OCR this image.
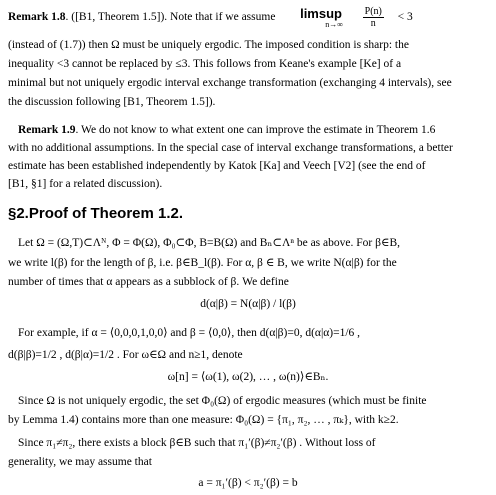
Remark 1.8. ([B1, Theorem 1.5]). Note that if we assume limsup
n→∞
$\frac{P(n)}{n} < 3$
(instead of (1.7)) then Ω must be uniquely ergodic. The imposed condition is sharp: the
inequality <3 cannot be replaced by ≤3. This follows from Keane's example [Ke] of a
minimal but not uniquely ergodic interval exchange transformation (exchanging 4 intervals), see
the discussion following [B1, Theorem 1.5]).
Remark 1.9. We do not know to what extent one can improve the estimate in Theorem 1.6
with no additional assumptions. In the special case of interval exchange transformations, a better
estimate has been established independently by Katok [Ka] and Veech [V2] (see the end of
[B1, §1] for a related discussion).
§2.Proof of Theorem 1.2.
Let Ω = (Ω,T)⊂Λᴺ, Φ = Φ(Ω), Φ₀⊂Φ, B=B(Ω) and Bₙ⊂Λⁿ be as above. For β∈B,
we write l(β) for the length of β, i.e. β∈B_l(β). For α, β ∈ B, we write N(α|β) for the
number of times that α appears as a subblock of β. We define
d(α|β) = N(α|β) / l(β)
For example, if α = ⟨0,0,0,1,0,0⟩ and β = ⟨0,0⟩, then d(α|β)=0, d(α|α)=1/6 ,
d(β|β)=1/2 , d(β|α)=1/2 . For ω∈Ω and n≥1, denote
ω[n] = ⟨ω(1), ω(2), … , ω(n)⟩∈Bₙ.
Since Ω is not uniquely ergodic, the set Φ₀(Ω) of ergodic measures (which must be finite
by Lemma 1.4) contains more than one measure: Φ₀(Ω) = {π₁, π₂, … , πₖ}, with k≥2.
Since π₁≠π₂, there exists a block β∈B such that π₁′(β)≠π₂′(β) . Without loss of
generality, we may assume that
a = π₁′(β) < π₂′(β) = b
